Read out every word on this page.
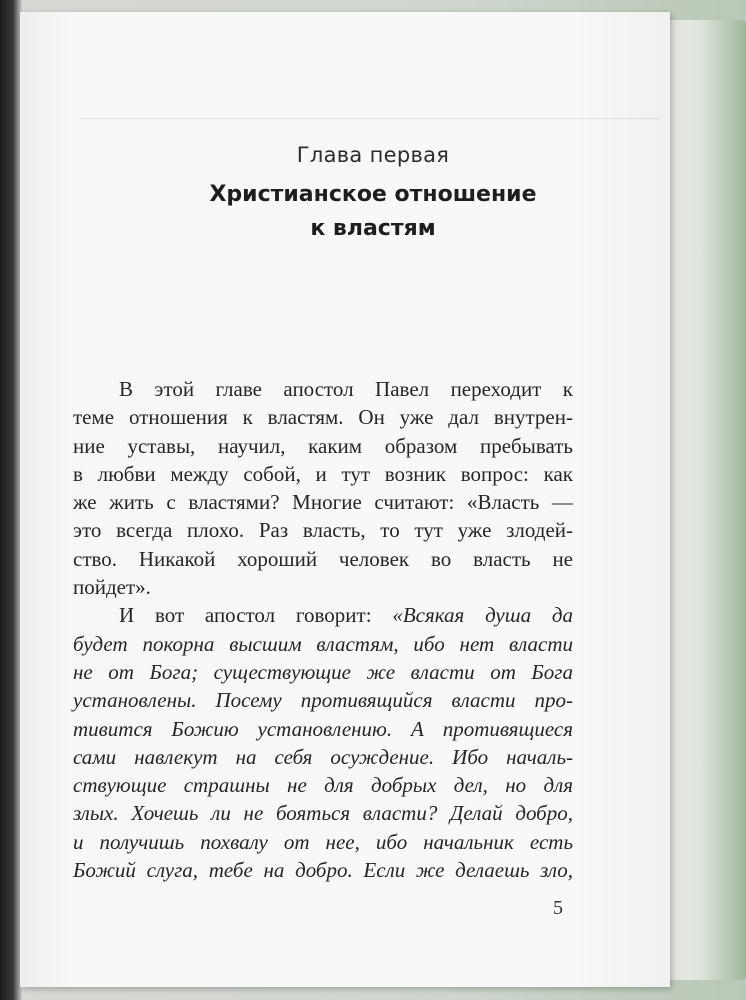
Глава первая
Христианское отношение
к властям
В этой главе апостол Павел переходит к
теме отношения к властям. Он уже дал внутрен-
ние уставы, научил, каким образом пребывать
в любви между собой, и тут возник вопрос: как
же жить с властями? Многие считают: «Власть —
это всегда плохо. Раз власть, то тут уже злодей-
ство. Никакой хороший человек во власть не
пойдет».
И вот апостол говорит: «Всякая душа да
будет покорна высшим властям, ибо нет власти
не от Бога; существующие же власти от Бога
установлены. Посему противящийся власти про-
тивится Божию установлению. А противящиеся
сами навлекут на себя осуждение. Ибо началь-
ствующие страшны не для добрых дел, но для
злых. Хочешь ли не бояться власти? Делай добро,
и получишь похвалу от нее, ибо начальник есть
Божий слуга, тебе на добро. Если же делаешь зло,
5
